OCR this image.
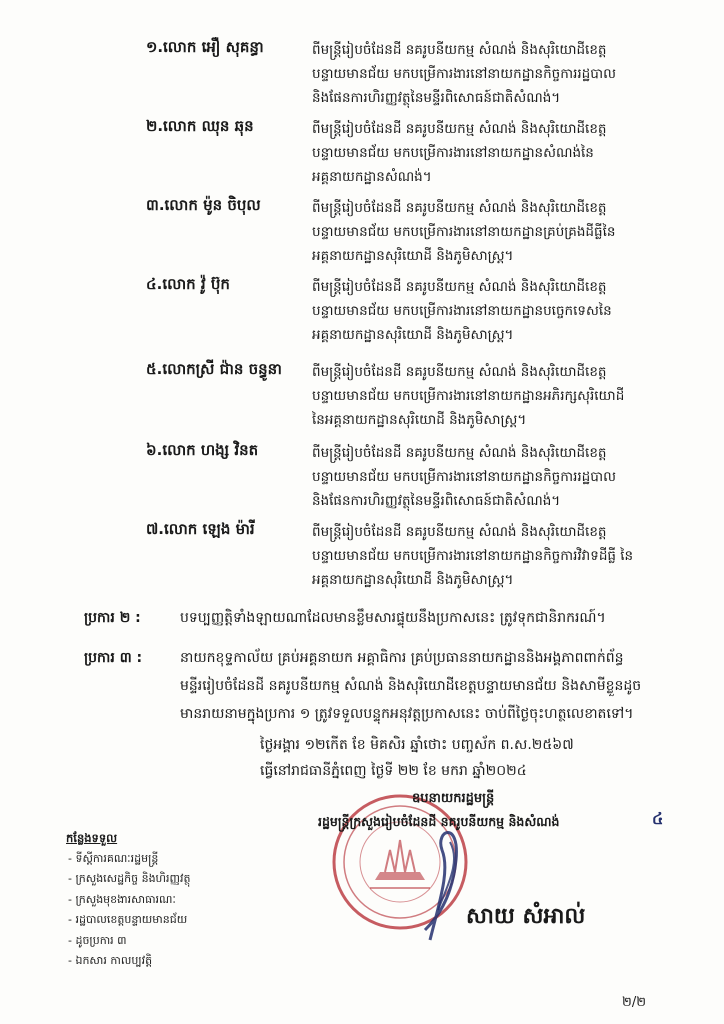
១.លោក អឿ សុគន្ធា	ពីមន្ត្រីរៀបចំដែនដី នគរូបនីយកម្ម សំណង់ និងសុរិយោដីខេត្ត
បន្ទាយមានជ័យ មកបម្រើការងារនៅនាយកដ្ឋានកិច្ចការរដ្ឋបាល
និងផែនការហិរញ្ញវត្ថុនៃមន្ទីរពិសោធន៍ជាតិសំណង់។
២.លោក ឈុន ឆុន	ពីមន្ត្រីរៀបចំដែនដី នគរូបនីយកម្ម សំណង់ និងសុរិយោដីខេត្ត
បន្ទាយមានជ័យ មកបម្រើការងារនៅនាយកដ្ឋានសំណង់នៃ
អគ្គនាយកដ្ឋានសំណង់។
៣.លោក ម៉ូន ចិបុល	ពីមន្ត្រីរៀបចំដែនដី នគរូបនីយកម្ម សំណង់ និងសុរិយោដីខេត្ត
បន្ទាយមានជ័យ មកបម្រើការងារនៅនាយកដ្ឋានគ្រប់គ្រងដីធ្លីនៃ
អគ្គនាយកដ្ឋានសុរិយោដី និងភូមិសាស្ត្រ។
៤.លោក វ៉ូ ប៊ុក	ពីមន្ត្រីរៀបចំដែនដី នគរូបនីយកម្ម សំណង់ និងសុរិយោដីខេត្ត
បន្ទាយមានជ័យ មកបម្រើការងារនៅនាយកដ្ឋានបច្ចេកទេសនៃ
អគ្គនាយកដ្ឋានសុរិយោដី និងភូមិសាស្ត្រ។
៥.លោកស្រី ជ៉ាន ចន្ធូនា	ពីមន្ត្រីរៀបចំដែនដី នគរូបនីយកម្ម សំណង់ និងសុរិយោដីខេត្ត
បន្ទាយមានជ័យ មកបម្រើការងារនៅនាយកដ្ឋានអភិរក្សសុរិយោដី
នៃអគ្គនាយកដ្ឋានសុរិយោដី និងភូមិសាស្ត្រ។
៦.លោក ហង្ស វិនត	ពីមន្ត្រីរៀបចំដែនដី នគរូបនីយកម្ម សំណង់ និងសុរិយោដីខេត្ត
បន្ទាយមានជ័យ មកបម្រើការងារនៅនាយកដ្ឋានកិច្ចការរដ្ឋបាល
និងផែនការហិរញ្ញវត្ថុនៃមន្ទីរពិសោធន៍ជាតិសំណង់។
៧.លោក ឡេង ម៉ារី	ពីមន្ត្រីរៀបចំដែនដី នគរូបនីយកម្ម សំណង់ និងសុរិយោដីខេត្ត
បន្ទាយមានជ័យ មកបម្រើការងារនៅនាយកដ្ឋានកិច្ចការវិវាទដីធ្លី នៃ
អគ្គនាយកដ្ឋានសុរិយោដី និងភូមិសាស្ត្រ។
ប្រការ ២ :	បទប្បញ្ញត្តិទាំងឡាយណាដែលមានខ្លឹមសារផ្ទុយនឹងប្រកាសនេះ ត្រូវទុកជានិរាករណ៍។
ប្រការ ៣ :	នាយកខុទ្ទកាល័យ គ្រប់អគ្គនាយក អគ្គាធិការ គ្រប់ប្រធាននាយកដ្ឋាននិងអង្គភាពពាក់ព័ន្ធ
មន្ទីររៀបចំដែនដី នគរូបនីយកម្ម សំណង់ និងសុរិយោដីខេត្តបន្ទាយមានជ័យ និងសាមីខ្លួនដូច
មានរាយនាមក្នុងប្រការ ១ ត្រូវទទួលបន្ទុកអនុវត្តប្រកាសនេះ ចាប់ពីថ្ងៃចុះហត្ថលេខាតទៅ។
ថ្ងៃអង្គារ ១២កើត ខែ មិគសិរ ឆ្នាំថោះ បញ្ចស័ក ព.ស.២៥៦៧
ធ្វើនៅរាជធានីភ្នំពេញ ថ្ងៃទី ២២ ខែ មករា ឆ្នាំ២០២៤
ឧបនាយករដ្ឋមន្ត្រី
រដ្ឋមន្ត្រីក្រសួងរៀបចំដែនដី នគរូបនីយកម្ម និងសំណង់	៤
សាយ សំអាល់
កន្លែងទទួល
- ទីស្តីការគណៈរដ្ឋមន្ត្រី
- ក្រសួងសេដ្ឋកិច្ច និងហិរញ្ញវត្ថុ
- ក្រសួងមុខងារសាធារណៈ
- រដ្ឋបាលខេត្តបន្ទាយមានជ័យ
- ដូចប្រការ ៣
- ឯកសារ កាលប្បវត្តិ
២/២
